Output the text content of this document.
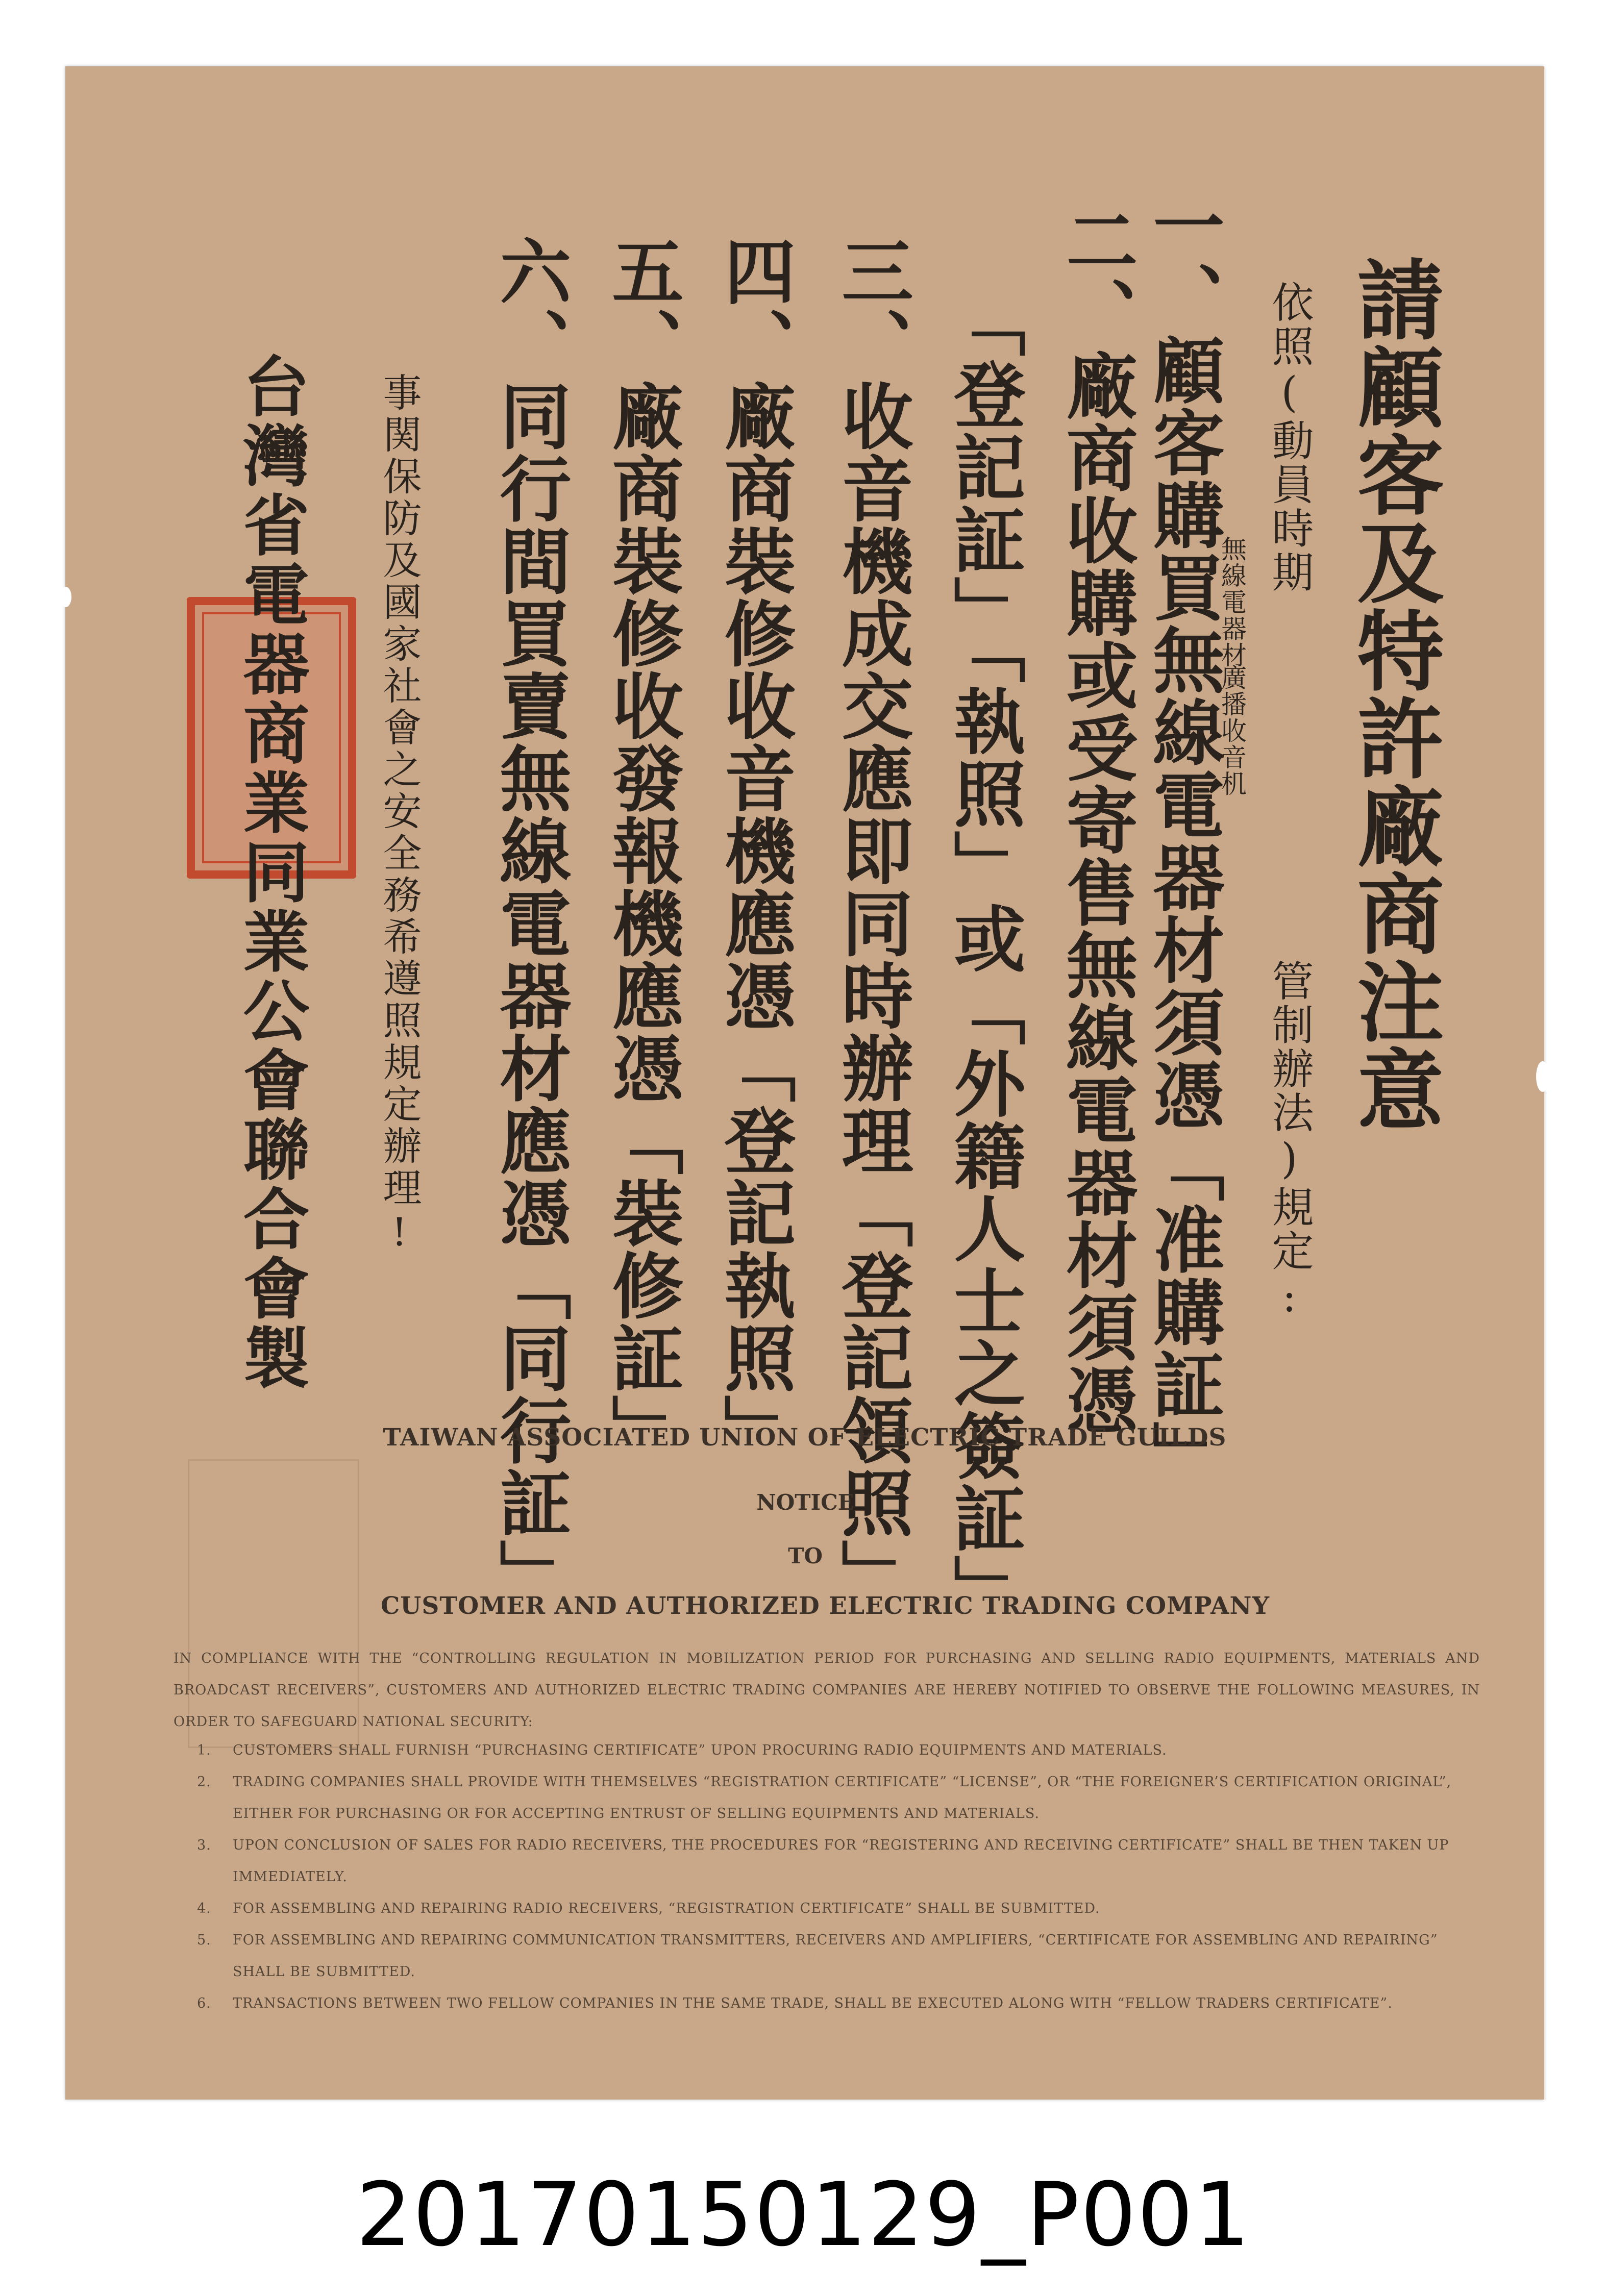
請顧客及特許廠商注意
依照(動員時期
無線電器材
廣播收音机
管制辦法)規定:
一、顧客購買無線電器材須憑「准購証」
二、廠商收購或受寄售無線電器材須憑
「登記証」「執照」或「外籍人士之簽証」
三、收音機成交應即同時辦理「登記領照」
四、廠商裝修收音機應憑「登記執照」
五、廠商裝修收發報機應憑「裝修証」
六、同行間買賣無線電器材應憑「同行証」
事関保防及國家社會之安全務希遵照規定辦理!
台灣省電器商業同業公會聯合會製
TAIWAN ASSOCIATED UNION OF ELECTRIC TRADE GUILDS
NOTICE
TO
CUSTOMER AND AUTHORIZED ELECTRIC TRADING COMPANY
IN COMPLIANCE WITH THE “CONTROLLING REGULATION IN MOBILIZATION PERIOD FOR PURCHASING AND SELLING RADIO EQUIPMENTS, MATERIALS AND BROADCAST RECEIVERS”, CUSTOMERS AND AUTHORIZED ELECTRIC TRADING COMPANIES ARE HEREBY NOTIFIED TO OBSERVE THE FOLLOWING MEASURES, IN ORDER TO SAFEGUARD NATIONAL SECURITY:
1.	CUSTOMERS SHALL FURNISH “PURCHASING CERTIFICATE” UPON PROCURING RADIO EQUIPMENTS AND MATERIALS.
2.	TRADING COMPANIES SHALL PROVIDE WITH THEMSELVES “REGISTRATION CERTIFICATE” “LICENSE”, OR “THE FOREIGNER’S CERTIFICATION ORIGINAL”, EITHER FOR PURCHASING OR FOR ACCEPTING ENTRUST OF SELLING EQUIPMENTS AND MATERIALS.
3.	UPON CONCLUSION OF SALES FOR RADIO RECEIVERS, THE PROCEDURES FOR “REGISTERING AND RECEIVING CERTIFICATE” SHALL BE THEN TAKEN UP IMMEDIATELY.
4.	FOR ASSEMBLING AND REPAIRING RADIO RECEIVERS, “REGISTRATION CERTIFICATE” SHALL BE SUBMITTED.
5.	FOR ASSEMBLING AND REPAIRING COMMUNICATION TRANSMITTERS, RECEIVERS AND AMPLIFIERS, “CERTIFICATE FOR ASSEMBLING AND REPAIRING” SHALL BE SUBMITTED.
6.	TRANSACTIONS BETWEEN TWO FELLOW COMPANIES IN THE SAME TRADE, SHALL BE EXECUTED ALONG WITH “FELLOW TRADERS CERTIFICATE”.
20170150129_P001
